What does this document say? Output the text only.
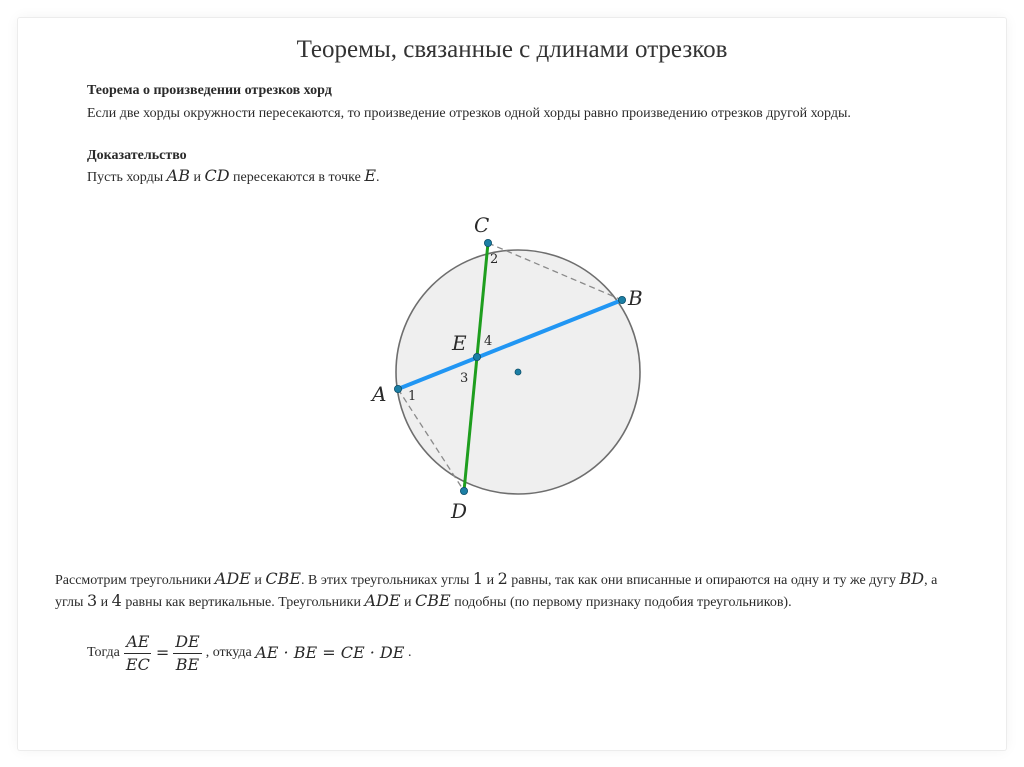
Теоремы, связанные с длинами отрезков
Теорема о произведении отрезков хорд
Если две хорды окружности пересекаются, то произведение отрезков одной хорды равно произведению отрезков другой хорды.
Доказательство
Пусть хорды AB и CD пересекаются в точке E.
C
B
A
D
E
1
2
3
4
Рассмотрим треугольники ADE и CBE. В этих треугольниках углы 1 и 2 равны, так как они вписанные и опираются на одну и ту же дугу BD, а
углы 3 и 4 равны как вертикальные. Треугольники ADE и CBE подобны (по первому признаку подобия треугольников).
Тогда $\frac{AE}{EC} = \frac{DE}{BE}$ , откуда
AE · BE = CE · DE
.
